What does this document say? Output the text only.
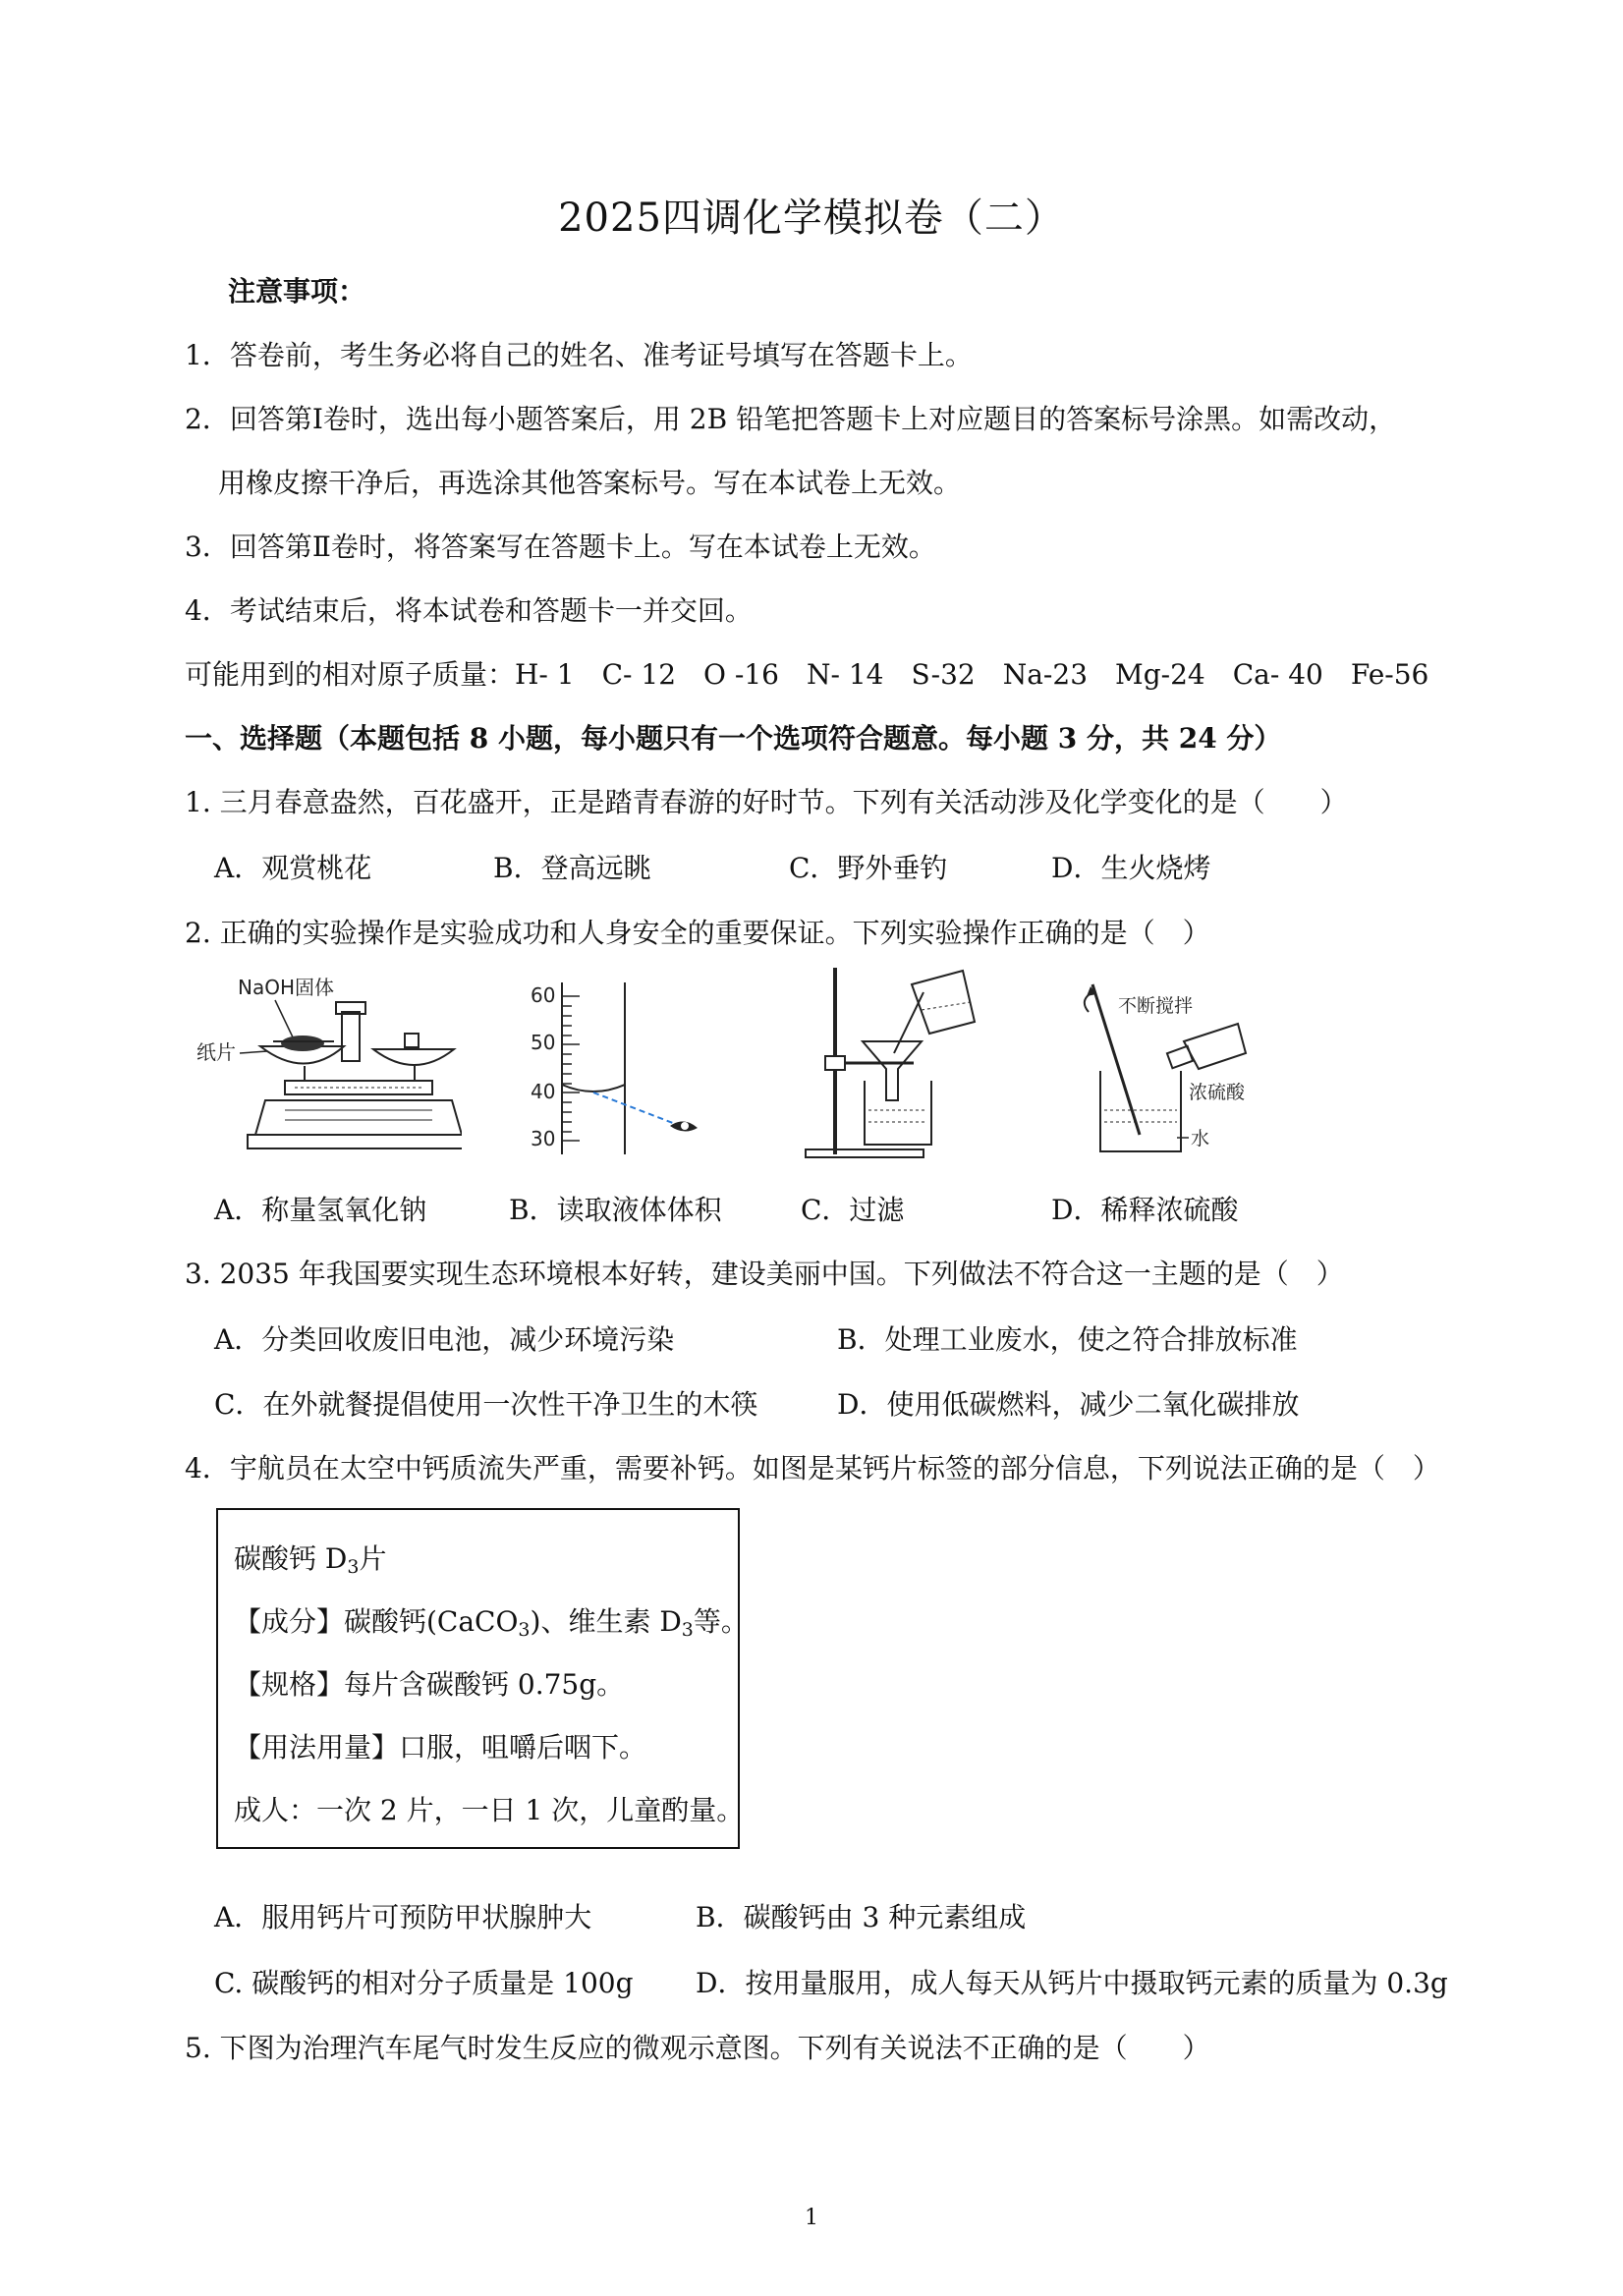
2025四调化学模拟卷（二）
注意事项：
1．答卷前，考生务必将自己的姓名、准考证号填写在答题卡上。
2．回答第Ⅰ卷时，选出每小题答案后，用 2B 铅笔把答题卡上对应题目的答案标号涂黑。如需改动，
用橡皮擦干净后，再选涂其他答案标号。写在本试卷上无效。
3．回答第Ⅱ卷时，将答案写在答题卡上。写在本试卷上无效。
4．考试结束后，将本试卷和答题卡一并交回。
可能用到的相对原子质量：H- 1　C- 12　O -16　N- 14　S-32　Na-23　Mg-24　Ca- 40　Fe-56
一、选择题（本题包括 8 小题，每小题只有一个选项符合题意。每小题 3 分，共 24 分）
1. 三月春意盎然，百花盛开，正是踏青春游的好时节。下列有关活动涉及化学变化的是（　　）
A．观赏桃花	B．登高远眺	C．野外垂钓	D．生火烧烤
2. 正确的实验操作是实验成功和人身安全的重要保证。下列实验操作正确的是（　）
NaOH固体
纸片
60
50
40
30
不断搅拌
浓硫酸
水
A．称量氢氧化钠	B．读取液体体积	C．过滤	D．稀释浓硫酸
3. 2035 年我国要实现生态环境根本好转，建设美丽中国。下列做法不符合这一主题的是（　）
A．分类回收废旧电池，减少环境污染	B．处理工业废水，使之符合排放标准
C．在外就餐提倡使用一次性干净卫生的木筷	D．使用低碳燃料，减少二氧化碳排放
4．宇航员在太空中钙质流失严重，需要补钙。如图是某钙片标签的部分信息，下列说法正确的是（　）
碳酸钙 $D_3$片
【成分】碳酸钙(CaCO$_3$)、维生素 $D_3$等。
【规格】每片含碳酸钙 0.75g。
【用法用量】口服，咀嚼后咽下。
成人：一次 2 片，一日 1 次，儿童酌量。
A．服用钙片可预防甲状腺肿大	B．碳酸钙由 3 种元素组成
C. 碳酸钙的相对分子质量是 100g D．按用量服用，成人每天从钙片中摄取钙元素的质量为 0.3g
5. 下图为治理汽车尾气时发生反应的微观示意图。下列有关说法不正确的是（　　）
1
